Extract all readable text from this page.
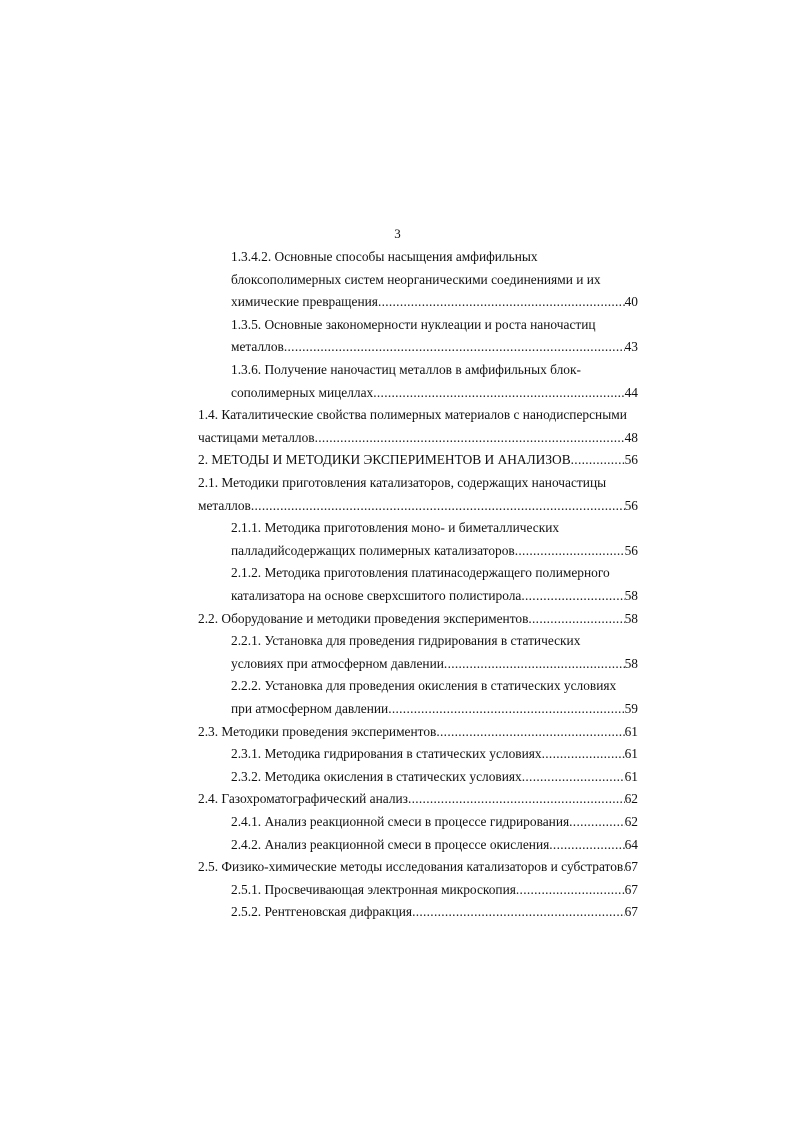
3
1.3.4.2. Основные способы насыщения амфифильных
блоксополимерных систем неорганическими соединениями и их
химические превращения .....	40
1.3.5. Основные закономерности нуклеации и роста наночастиц
металлов .....	43
1.3.6. Получение наночастиц металлов в амфифильных блок-
сополимерных мицеллах .....	44
1.4. Каталитические свойства полимерных материалов с нанодисперсными
частицами металлов .....	48
2. МЕТОДЫ И МЕТОДИКИ ЭКСПЕРИМЕНТОВ И АНАЛИЗОВ .....	56
2.1. Методики приготовления катализаторов, содержащих наночастицы
металлов .....	56
2.1.1. Методика приготовления моно- и биметаллических
палладийсодержащих полимерных катализаторов .....	56
2.1.2. Методика приготовления платинасодержащего полимерного
катализатора на основе сверхсшитого полистирола .....	58
2.2. Оборудование и методики проведения экспериментов .....	58
2.2.1. Установка для проведения гидрирования в статических
условиях при атмосферном давлении .....	58
2.2.2. Установка для проведения окисления в статических условиях
при атмосферном давлении .....	59
2.3. Методики проведения экспериментов .....	61
2.3.1. Методика гидрирования в статических условиях .....	61
2.3.2. Методика окисления в статических условиях .....	61
2.4. Газохроматографический анализ .....	62
2.4.1. Анализ реакционной смеси в процессе гидрирования .....	62
2.4.2. Анализ реакционной смеси в процессе окисления .....	64
2.5. Физико-химические методы исследования катализаторов и субстратов ..... 67
2.5.1. Просвечивающая электронная микроскопия .....	67
2.5.2. Рентгеновская дифракция .....	67
